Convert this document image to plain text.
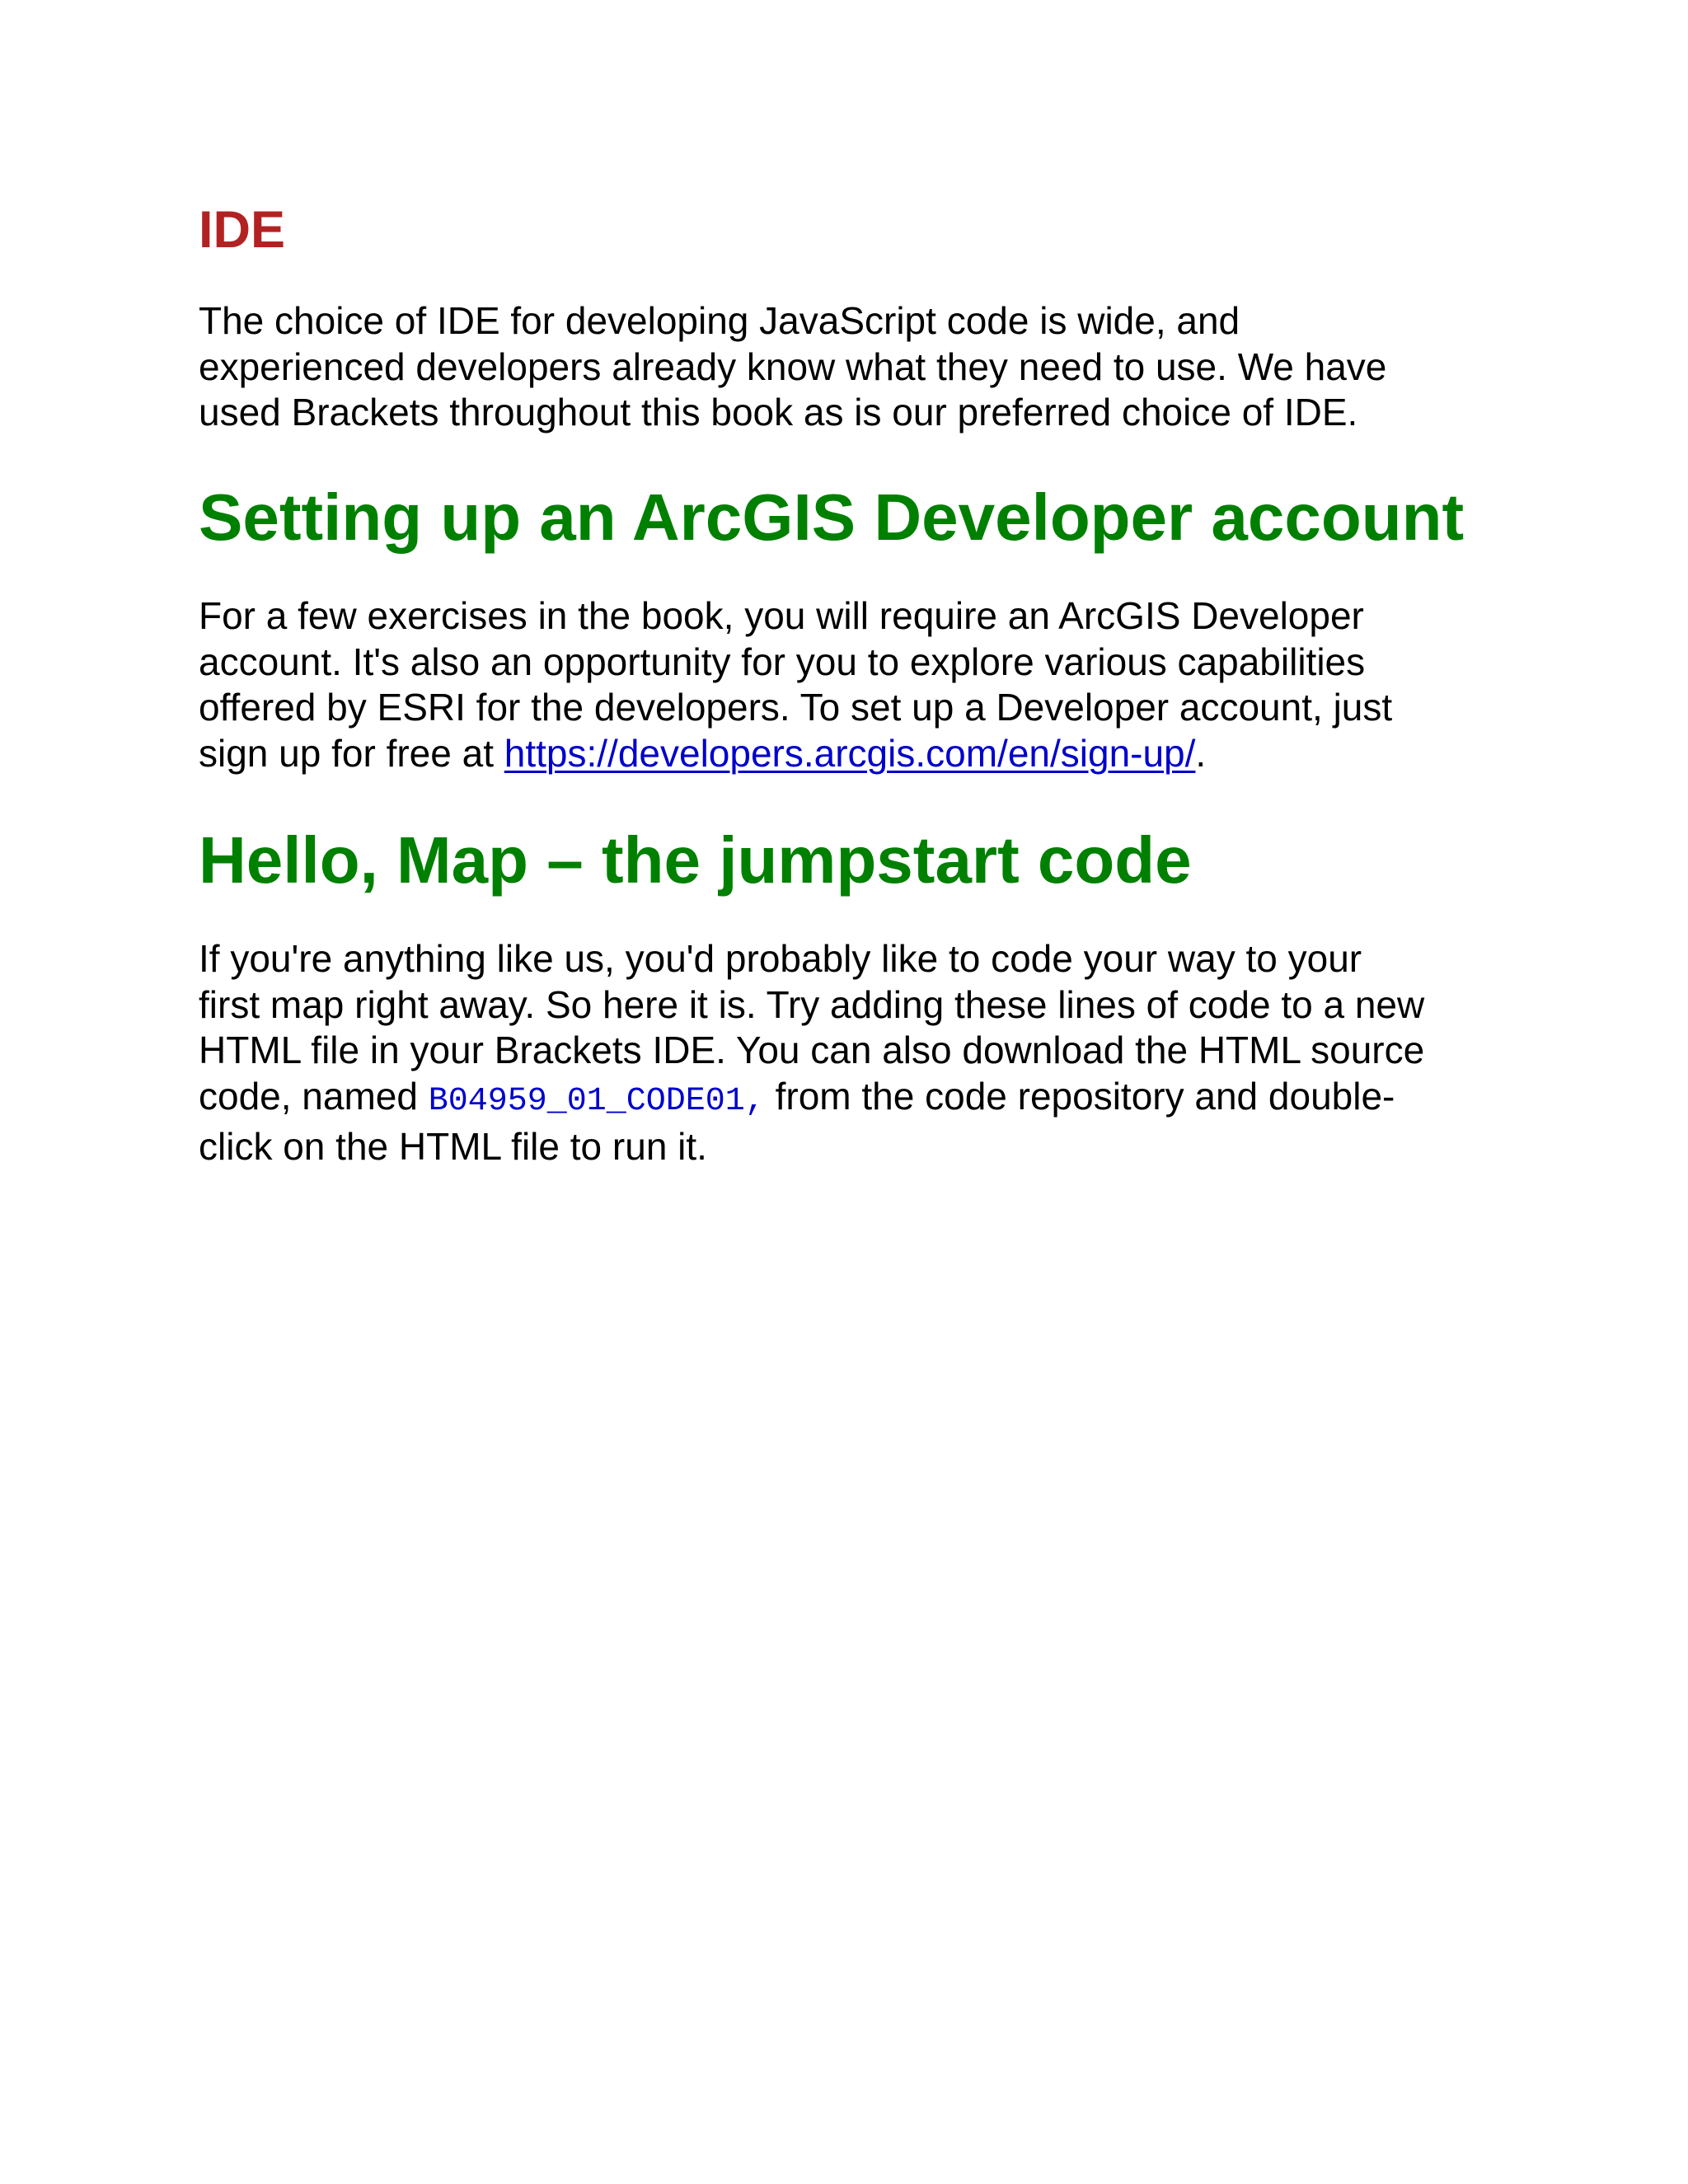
IDE

The choice of IDE for developing JavaScript code is wide, and
experienced developers already know what they need to use. We have
used Brackets throughout this book as is our preferred choice of IDE.

Setting up an ArcGIS Developer account

For a few exercises in the book, you will require an ArcGIS Developer
account. It's also an opportunity for you to explore various capabilities
offered by ESRI for the developers. To set up a Developer account, just
sign up for free at https://developers.arcgis.com/en/sign-up/.

Hello, Map – the jumpstart code

If you're anything like us, you'd probably like to code your way to your
first map right away. So here it is. Try adding these lines of code to a new
HTML file in your Brackets IDE. You can also download the HTML source
code, named B04959_01_CODE01, from the code repository and double-
click on the HTML file to run it.
